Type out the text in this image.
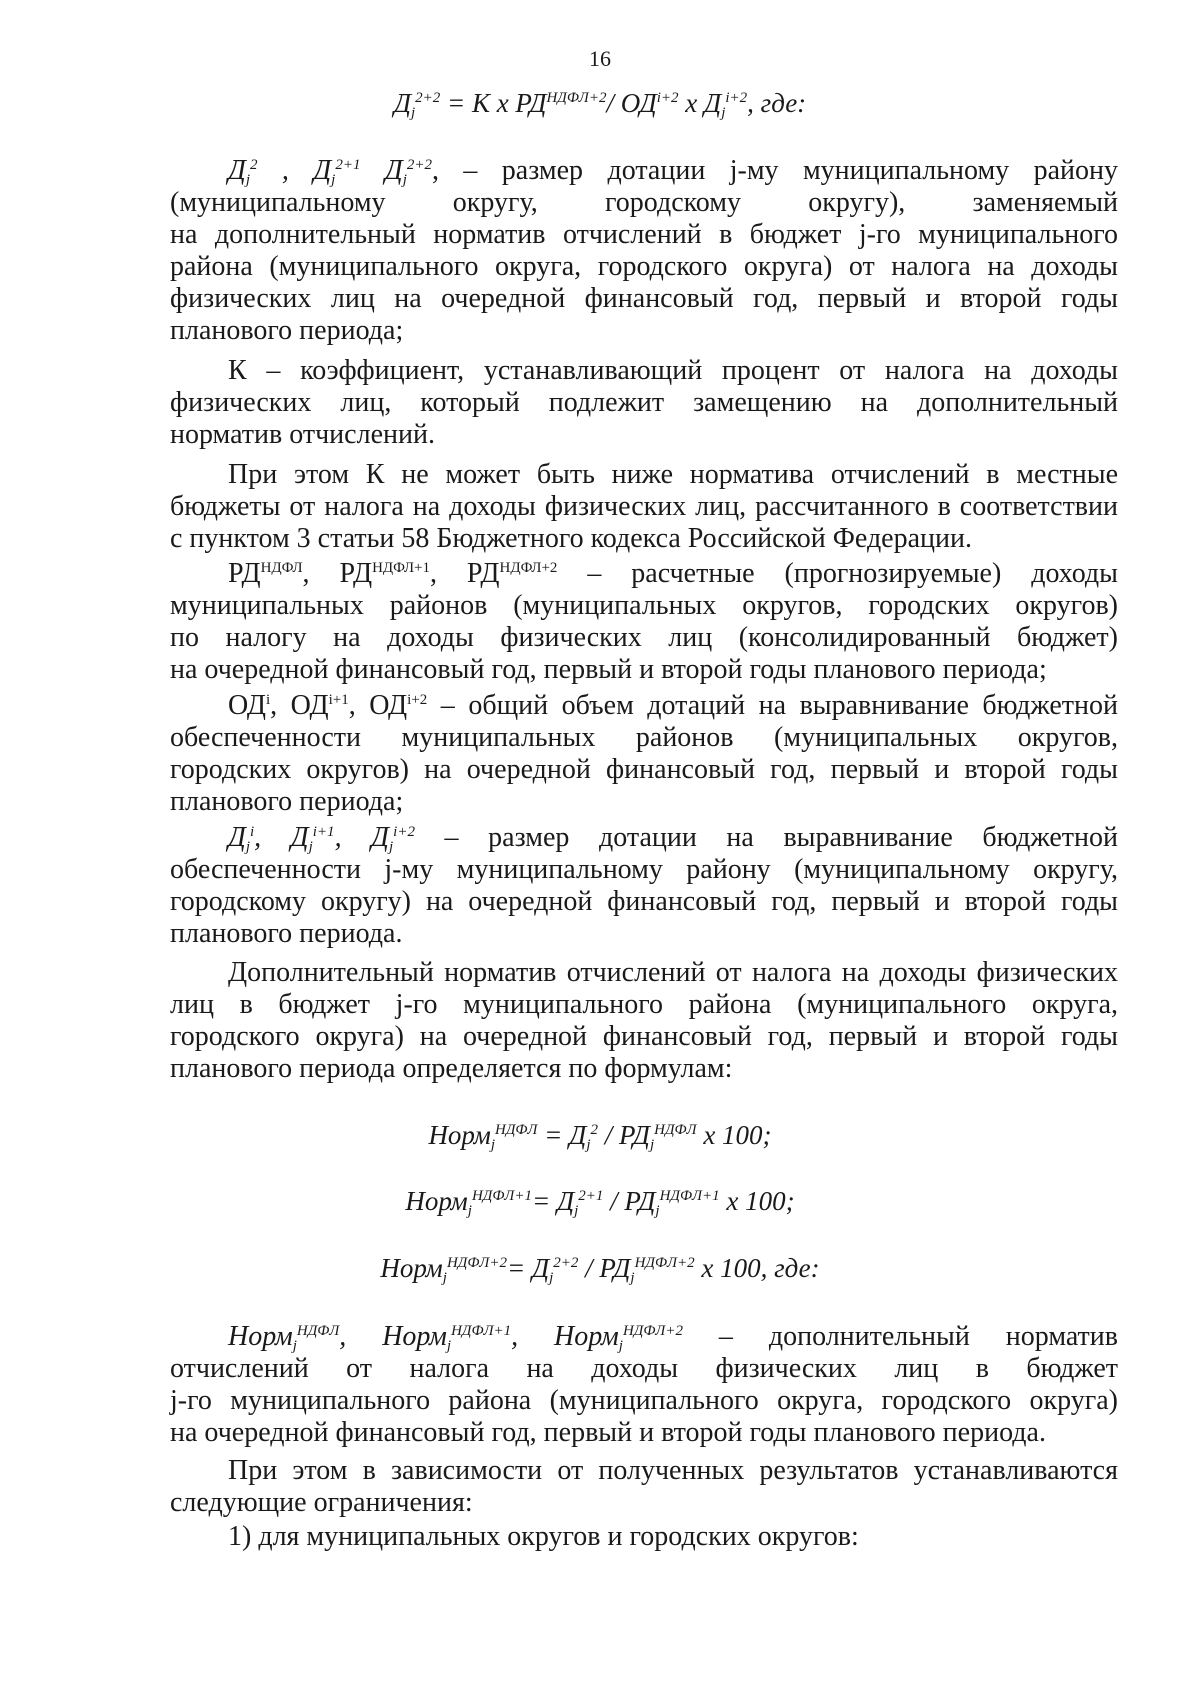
16
$Д_j^{2+2} = К$ х $РД^{НДФЛ+2}/$ $ОД^{i+2}$ х $Д_j^{i+2}$, где:
$Д_j^2$ , $Д_j^{2+1}$ $Д_j^{2+2}$, – размер дотации j-му муниципальному району
(муниципальному округу, городскому округу), заменяемый
на дополнительный норматив отчислений в бюджет j-го муниципального
района (муниципального округа, городского округа) от налога на доходы
физических лиц на очередной финансовый год, первый и второй годы
планового периода;
К – коэффициент, устанавливающий процент от налога на доходы
физических лиц, который подлежит замещению на дополнительный
норматив отчислений.
При этом К не может быть ниже норматива отчислений в местные
бюджеты от налога на доходы физических лиц, рассчитанного в соответствии
с пунктом 3 статьи 58 Бюджетного кодекса Российской Федерации.
$РД^{НДФЛ}$, $РД^{НДФЛ+1}$, $РД^{НДФЛ+2}$ – расчетные (прогнозируемые) доходы
муниципальных районов (муниципальных округов, городских округов)
по налогу на доходы физических лиц (консолидированный бюджет)
на очередной финансовый год, первый и второй годы планового периода;
$ОД^i$, $ОД^{i+1}$, $ОД^{i+2}$ – общий объем дотаций на выравнивание бюджетной
обеспеченности муниципальных районов (муниципальных округов,
городских округов) на очередной финансовый год, первый и второй годы
планового периода;
$Д_j^i$, $Д_j^{i+1}$, $Д_j^{i+2}$ – размер дотации на выравнивание бюджетной
обеспеченности j-му муниципальному району (муниципальному округу,
городскому округу) на очередной финансовый год, первый и второй годы
планового периода.
Дополнительный норматив отчислений от налога на доходы физических
лиц в бюджет j-го муниципального района (муниципального округа,
городского округа) на очередной финансовый год, первый и второй годы
планового периода определяется по формулам:
Норм$_j^{НДФЛ}$ = $Д_j^2 / РД_j^{НДФЛ}$ х 100;
Норм$_j^{НДФЛ+1}$= $Д_j^{2+1} / РД_j^{НДФЛ+1}$ х 100;
Норм$_j^{НДФЛ+2}$= $Д_j^{2+2} / РД_j^{НДФЛ+2}$ х 100, где:
Норм$_j^{НДФЛ}$, Норм$_j^{НДФЛ+1}$, Норм$_j^{НДФЛ+2}$ – дополнительный норматив
отчислений от налога на доходы физических лиц в бюджет
j-го муниципального района (муниципального округа, городского округа)
на очередной финансовый год, первый и второй годы планового периода.
При этом в зависимости от полученных результатов устанавливаются
следующие ограничения:
1) для муниципальных округов и городских округов:
